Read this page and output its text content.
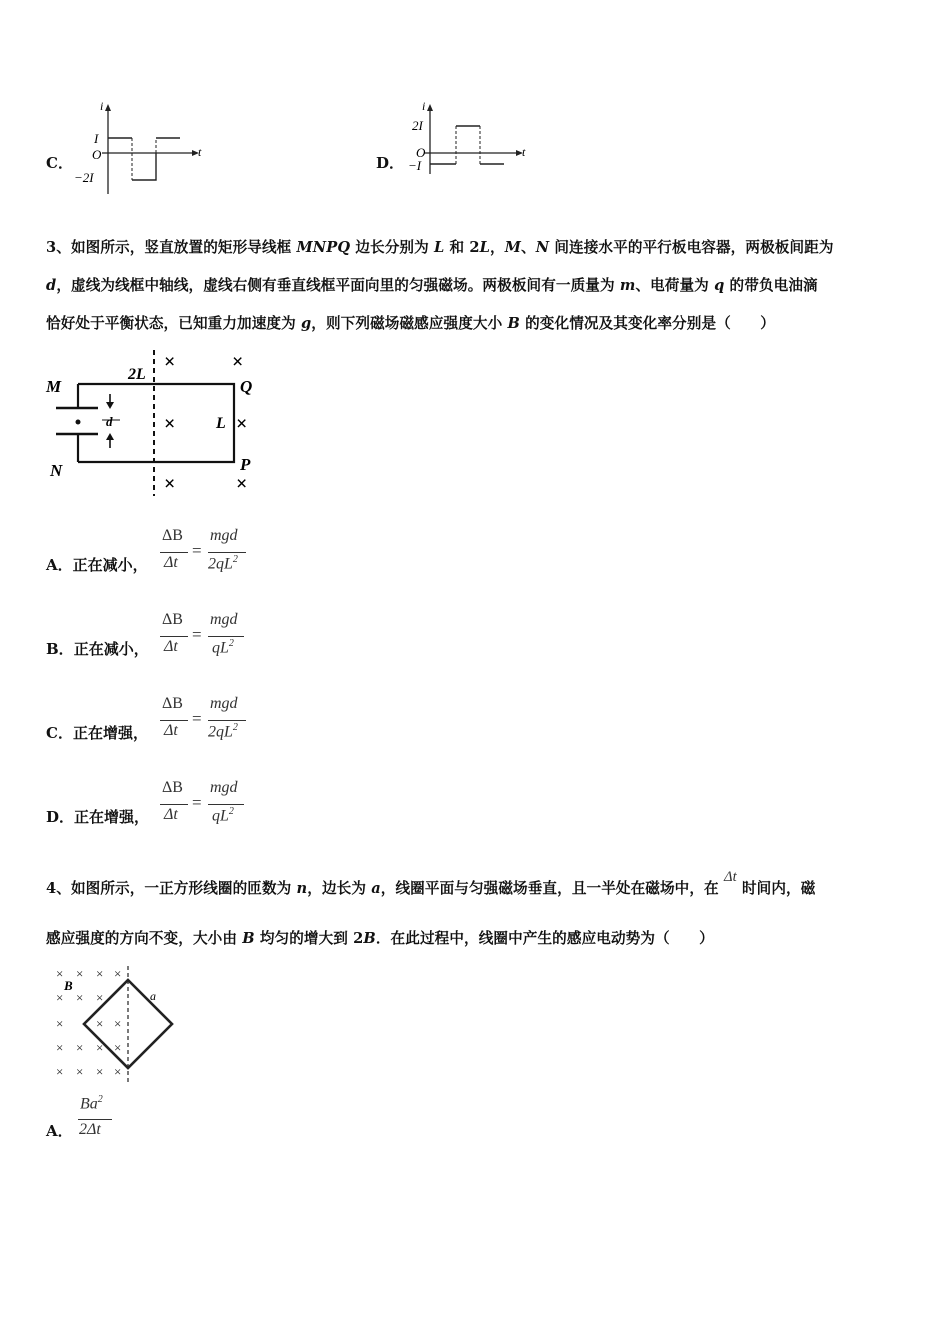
C．
i
t
I
O
−2I
D．
i
t
2I
O
−I
3、如图所示，竖直放置的矩形导线框 MNPQ 边长分别为 L 和 2L，M、N 间连接水平的平行板电容器，两极板间距为
d，虚线为线框中轴线，虚线右侧有垂直线框平面向里的匀强磁场。两极板间有一质量为 m、电荷量为 q 的带负电油滴
恰好处于平衡状态，已知重力加速度为 g，则下列磁场磁感应强度大小 B 的变化情况及其变化率分别是（　　）
M
N
Q
P
2L
L
d
×	×
×	×
×	×
A．正在减小，
ΔB
Δt
=
mgd
$2qL^2$
B．正在减小，
ΔB
Δt
=
mgd
$qL^2$
C．正在增强，
ΔB
Δt
=
mgd
$2qL^2$
D．正在增强，
ΔB
Δt
=
mgd
$qL^2$
4、如图所示，一正方形线圈的匝数为 n，边长为 a，线圈平面与匀强磁场垂直，且一半处在磁场中，在 Δt 时间内，磁
感应强度的方向不变，大小由 B 均匀的增大到 2B．在此过程中，线圈中产生的感应电动势为（　　）
× × × ×
× ×
×	× ×
× × × ×
× × × ×
×
B
a
A．
Ba$^2$
2Δt
